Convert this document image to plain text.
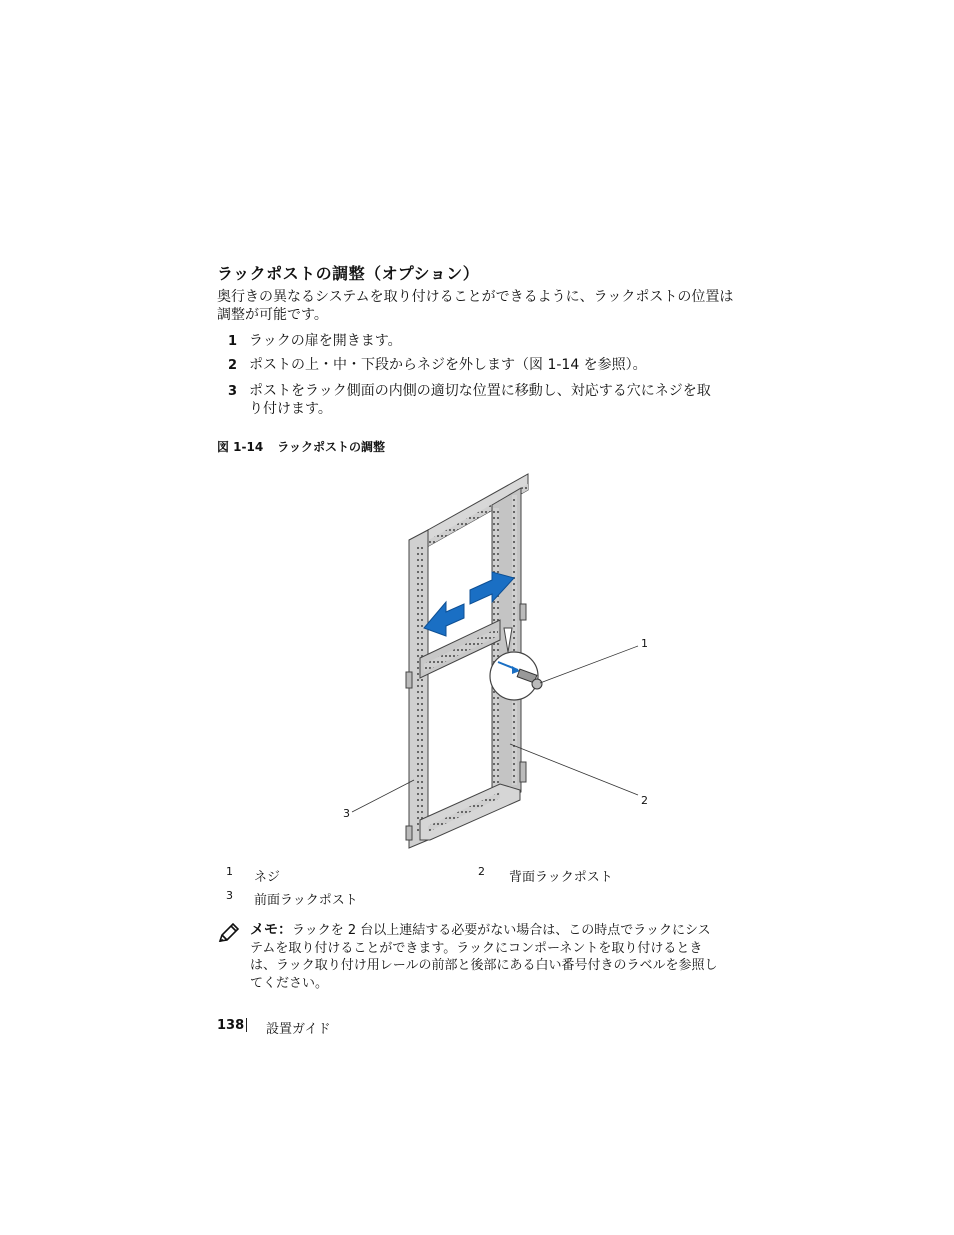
ラックポストの調整（オプション）
奥行きの異なるシステムを取り付けることができるように、ラックポストの位置は調整が可能です。
1 ラックの扉を開きます。
2 ポストの上・中・下段からネジを外します（図 1-14 を参照）。
3 ポストをラック側面の内側の適切な位置に移動し、対応する穴にネジを取り付けます。
図 1-14 ラックポストの調整
1
2
3
1 ネジ	2 背面ラックポスト
3 前面ラックポスト
メモ：ラックを 2 台以上連結する必要がない場合は、この時点でラックにシステムを取り付けることができます。ラックにコンポーネントを取り付けるときは、ラック取り付け用レールの前部と後部にある白い番号付きのラベルを参照してください。
138 設置ガイド
